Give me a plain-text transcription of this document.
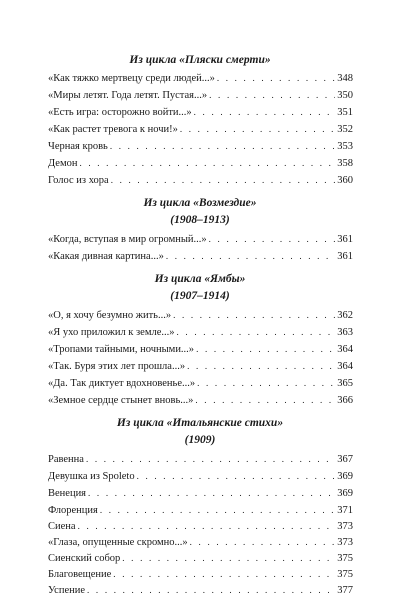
Из цикла «Пляски смерти»
«Как тяжко мертвецу среди людей...» . . .	348
«Миры летят. Года летят. Пустая...» . . .	350
«Есть игра: осторожно войти...» . . .	351
«Как растет тревога к ночи!» . . .	352
Черная кровь . . .	353
Демон . . .	358
Голос из хора . . .	360
Из цикла «Возмездие»
(1908–1913)
«Когда, вступая в мир огромный...» . . .	361
«Какая дивная картина...» . . .	361
Из цикла «Ямбы»
(1907–1914)
«О, я хочу безумно жить...» . . .	362
«Я ухо приложил к земле...» . . .	363
«Тропами тайными, ночными...» . . .	364
«Так. Буря этих лет прошла...» . . .	364
«Да. Так диктует вдохновенье...» . . .	365
«Земное сердце стынет вновь...» . . .	366
Из цикла «Итальянские стихи»
(1909)
Равенна . . .	367
Девушка из Spoleto . . .	369
Венеция . . .	369
Флоренция . . .	371
Сиена . . .	373
«Глаза, опущенные скромно...» . . .	373
Сиенский собор . . .	375
Благовещение . . .	375
Успение . . .	377
